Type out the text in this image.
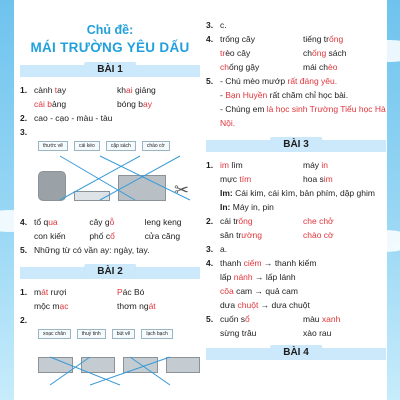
Chủ đề:
MÁI TRƯỜNG YÊU DẤU
BÀI 1
1. cành tay	khai giảng
cái bảng	bóng bay
2. cao - cạo - màu - tàu
3.
thước vẽ	cái kéo	cặp sách	chào cờ
✂
4. tổ qua	cây gỗ	leng keng
con kiến	phố cổ	cửa căng
5. Những từ có vần ay: ngày, tay.
BÀI 2
1. mát rượi	Pác Bó
mộc mạc	thơm ngát
2.
xoạc chân	thuỷ tinh	bút vẽ	lạch bạch
3. c.
4. trống cây	tiếng trống
trèo cây	chống sách
chống gậy	mái chèo
5. - Chú mèo mướp rất đáng yêu.
- Bạn Huyền rất chăm chỉ học bài.
- Chúng em là học sinh Trường Tiểu học Hà Nội.
BÀI 3
1. im lìm	máy in
mực tím	hoa sim
Im: Cái kim, cái kìm, bản phím, dập ghim
In: Máy in, pin
2. cái trống	che chở
sân trường	chào cờ
3. a.
4. thanh ciếm → thanh kiếm
lấp nánh → lấp lánh
côa cam → quả cam
dưa chuột → dưa chuột
5. cuốn sổ	màu xanh
sừng trâu	xào rau
BÀI 4
